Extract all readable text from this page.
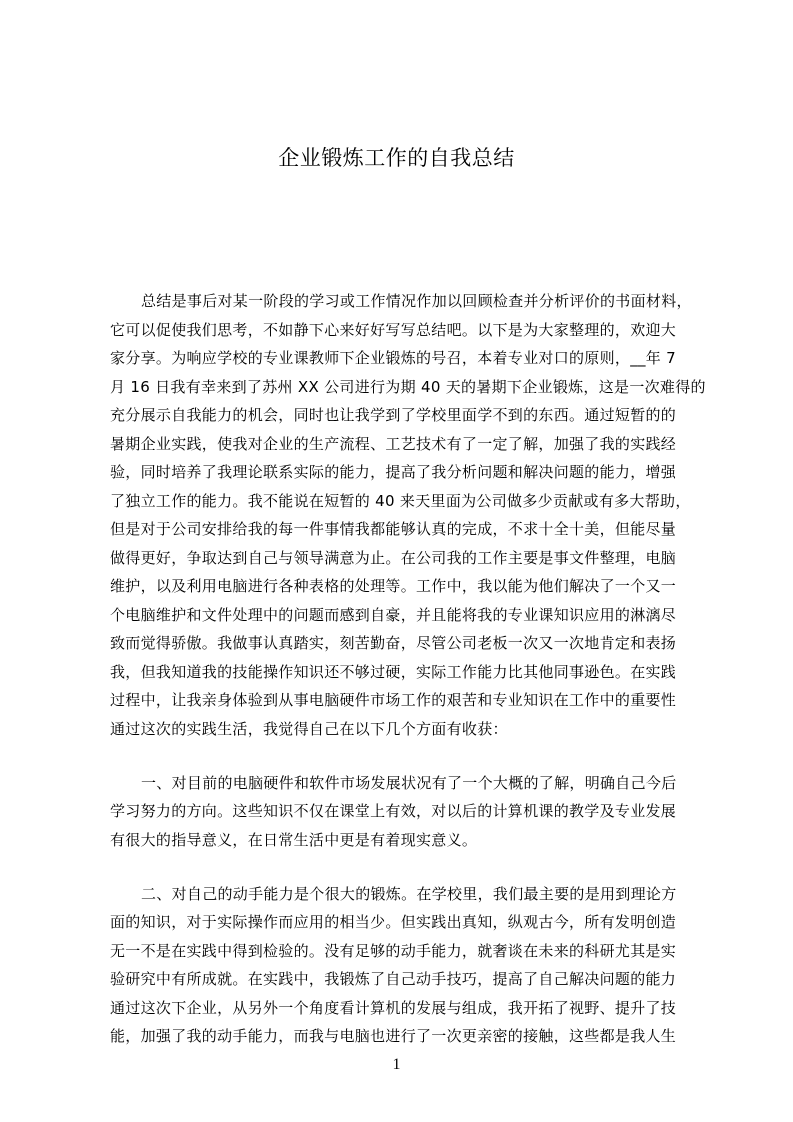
企业锻炼工作的自我总结
总结是事后对某一阶段的学习或工作情况作加以回顾检查并分析评价的书面材料，
它可以促使我们思考，不如静下心来好好写写总结吧。以下是为大家整理的，欢迎大
家分享。为响应学校的专业课教师下企业锻炼的号召，本着专业对口的原则，__年 7
月 16 日我有幸来到了苏州 XX 公司进行为期 40 天的暑期下企业锻炼，这是一次难得的
充分展示自我能力的机会，同时也让我学到了学校里面学不到的东西。通过短暂的的
暑期企业实践，使我对企业的生产流程、工艺技术有了一定了解，加强了我的实践经
验，同时培养了我理论联系实际的能力，提高了我分析问题和解决问题的能力，增强
了独立工作的能力。我不能说在短暂的 40 来天里面为公司做多少贡献或有多大帮助，
但是对于公司安排给我的每一件事情我都能够认真的完成，不求十全十美，但能尽量
做得更好，争取达到自己与领导满意为止。在公司我的工作主要是事文件整理，电脑
维护，以及利用电脑进行各种表格的处理等。工作中，我以能为他们解决了一个又一
个电脑维护和文件处理中的问题而感到自豪，并且能将我的专业课知识应用的淋漓尽
致而觉得骄傲。我做事认真踏实，刻苦勤奋，尽管公司老板一次又一次地肯定和表扬
我，但我知道我的技能操作知识还不够过硬，实际工作能力比其他同事逊色。在实践
过程中，让我亲身体验到从事电脑硬件市场工作的艰苦和专业知识在工作中的重要性
通过这次的实践生活，我觉得自己在以下几个方面有收获：
一、对目前的电脑硬件和软件市场发展状况有了一个大概的了解，明确自己今后
学习努力的方向。这些知识不仅在课堂上有效，对以后的计算机课的教学及专业发展
有很大的指导意义，在日常生活中更是有着现实意义。
二、对自己的动手能力是个很大的锻炼。在学校里，我们最主要的是用到理论方
面的知识，对于实际操作而应用的相当少。但实践出真知，纵观古今，所有发明创造
无一不是在实践中得到检验的。没有足够的动手能力，就奢谈在未来的科研尤其是实
验研究中有所成就。在实践中，我锻炼了自己动手技巧，提高了自己解决问题的能力
通过这次下企业，从另外一个角度看计算机的发展与组成，我开拓了视野、提升了技
能，加强了我的动手能力，而我与电脑也进行了一次更亲密的接触，这些都是我人生
1
